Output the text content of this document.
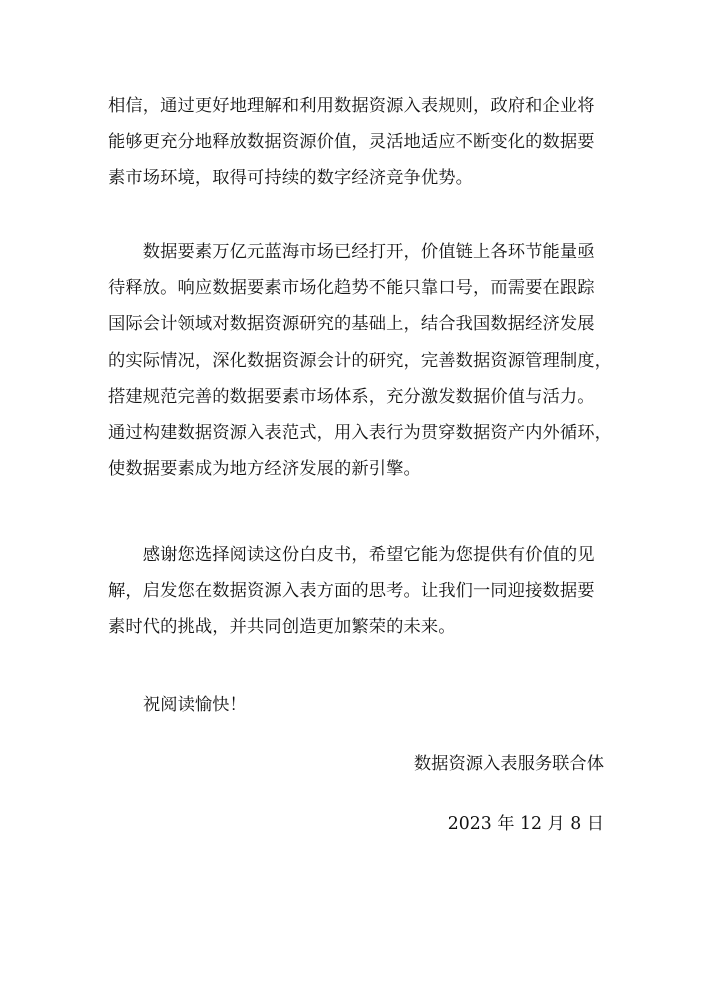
相信，通过更好地理解和利用数据资源入表规则，政府和企业将
能够更充分地释放数据资源价值，灵活地适应不断变化的数据要
素市场环境，取得可持续的数字经济竞争优势。

　　数据要素万亿元蓝海市场已经打开，价值链上各环节能量亟
待释放。响应数据要素市场化趋势不能只靠口号，而需要在跟踪
国际会计领域对数据资源研究的基础上，结合我国数据经济发展
的实际情况，深化数据资源会计的研究，完善数据资源管理制度，
搭建规范完善的数据要素市场体系，充分激发数据价值与活力。
通过构建数据资源入表范式，用入表行为贯穿数据资产内外循环，
使数据要素成为地方经济发展的新引擎。

　　感谢您选择阅读这份白皮书，希望它能为您提供有价值的见
解，启发您在数据资源入表方面的思考。让我们一同迎接数据要
素时代的挑战，并共同创造更加繁荣的未来。

祝阅读愉快！

数据资源入表服务联合体

2023 年 12 月 8 日
